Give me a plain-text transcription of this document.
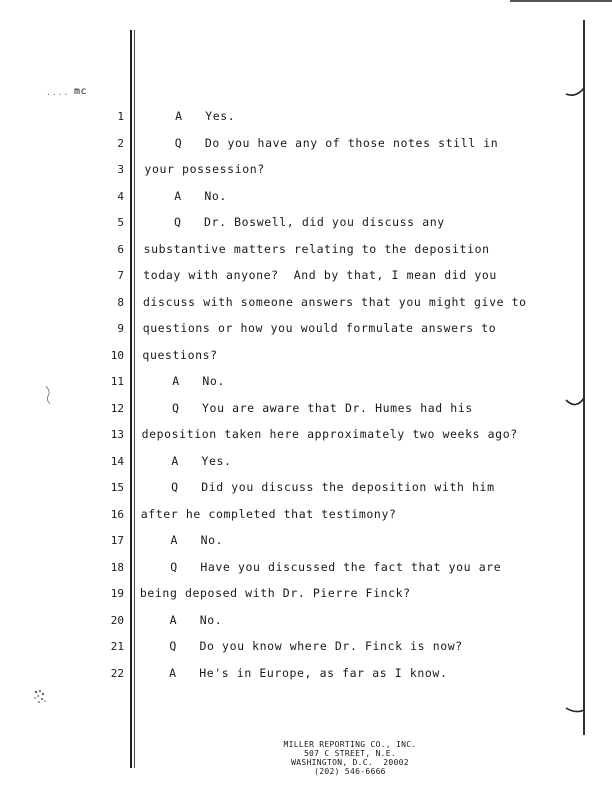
.... mc
1 A   Yes.
2 Q   Do you have any of those notes still in
3 your possession?
4 A   No.
5 Q   Dr. Boswell, did you discuss any
6 substantive matters relating to the deposition
7 today with anyone?  And by that, I mean did you
8 discuss with someone answers that you might give to
9 questions or how you would formulate answers to
10 questions?
11 A   No.
12 Q   You are aware that Dr. Humes had his
13 deposition taken here approximately two weeks ago?
14 A   Yes.
15 Q   Did you discuss the deposition with him
16 after he completed that testimony?
17 A   No.
18 Q   Have you discussed the fact that you are
19 being deposed with Dr. Pierre Finck?
20 A   No.
21 Q   Do you know where Dr. Finck is now?
22 A   He's in Europe, as far as I know.
MILLER REPORTING CO., INC.
507 C STREET, N.E.
WASHINGTON, D.C.  20002
(202) 546-6666
